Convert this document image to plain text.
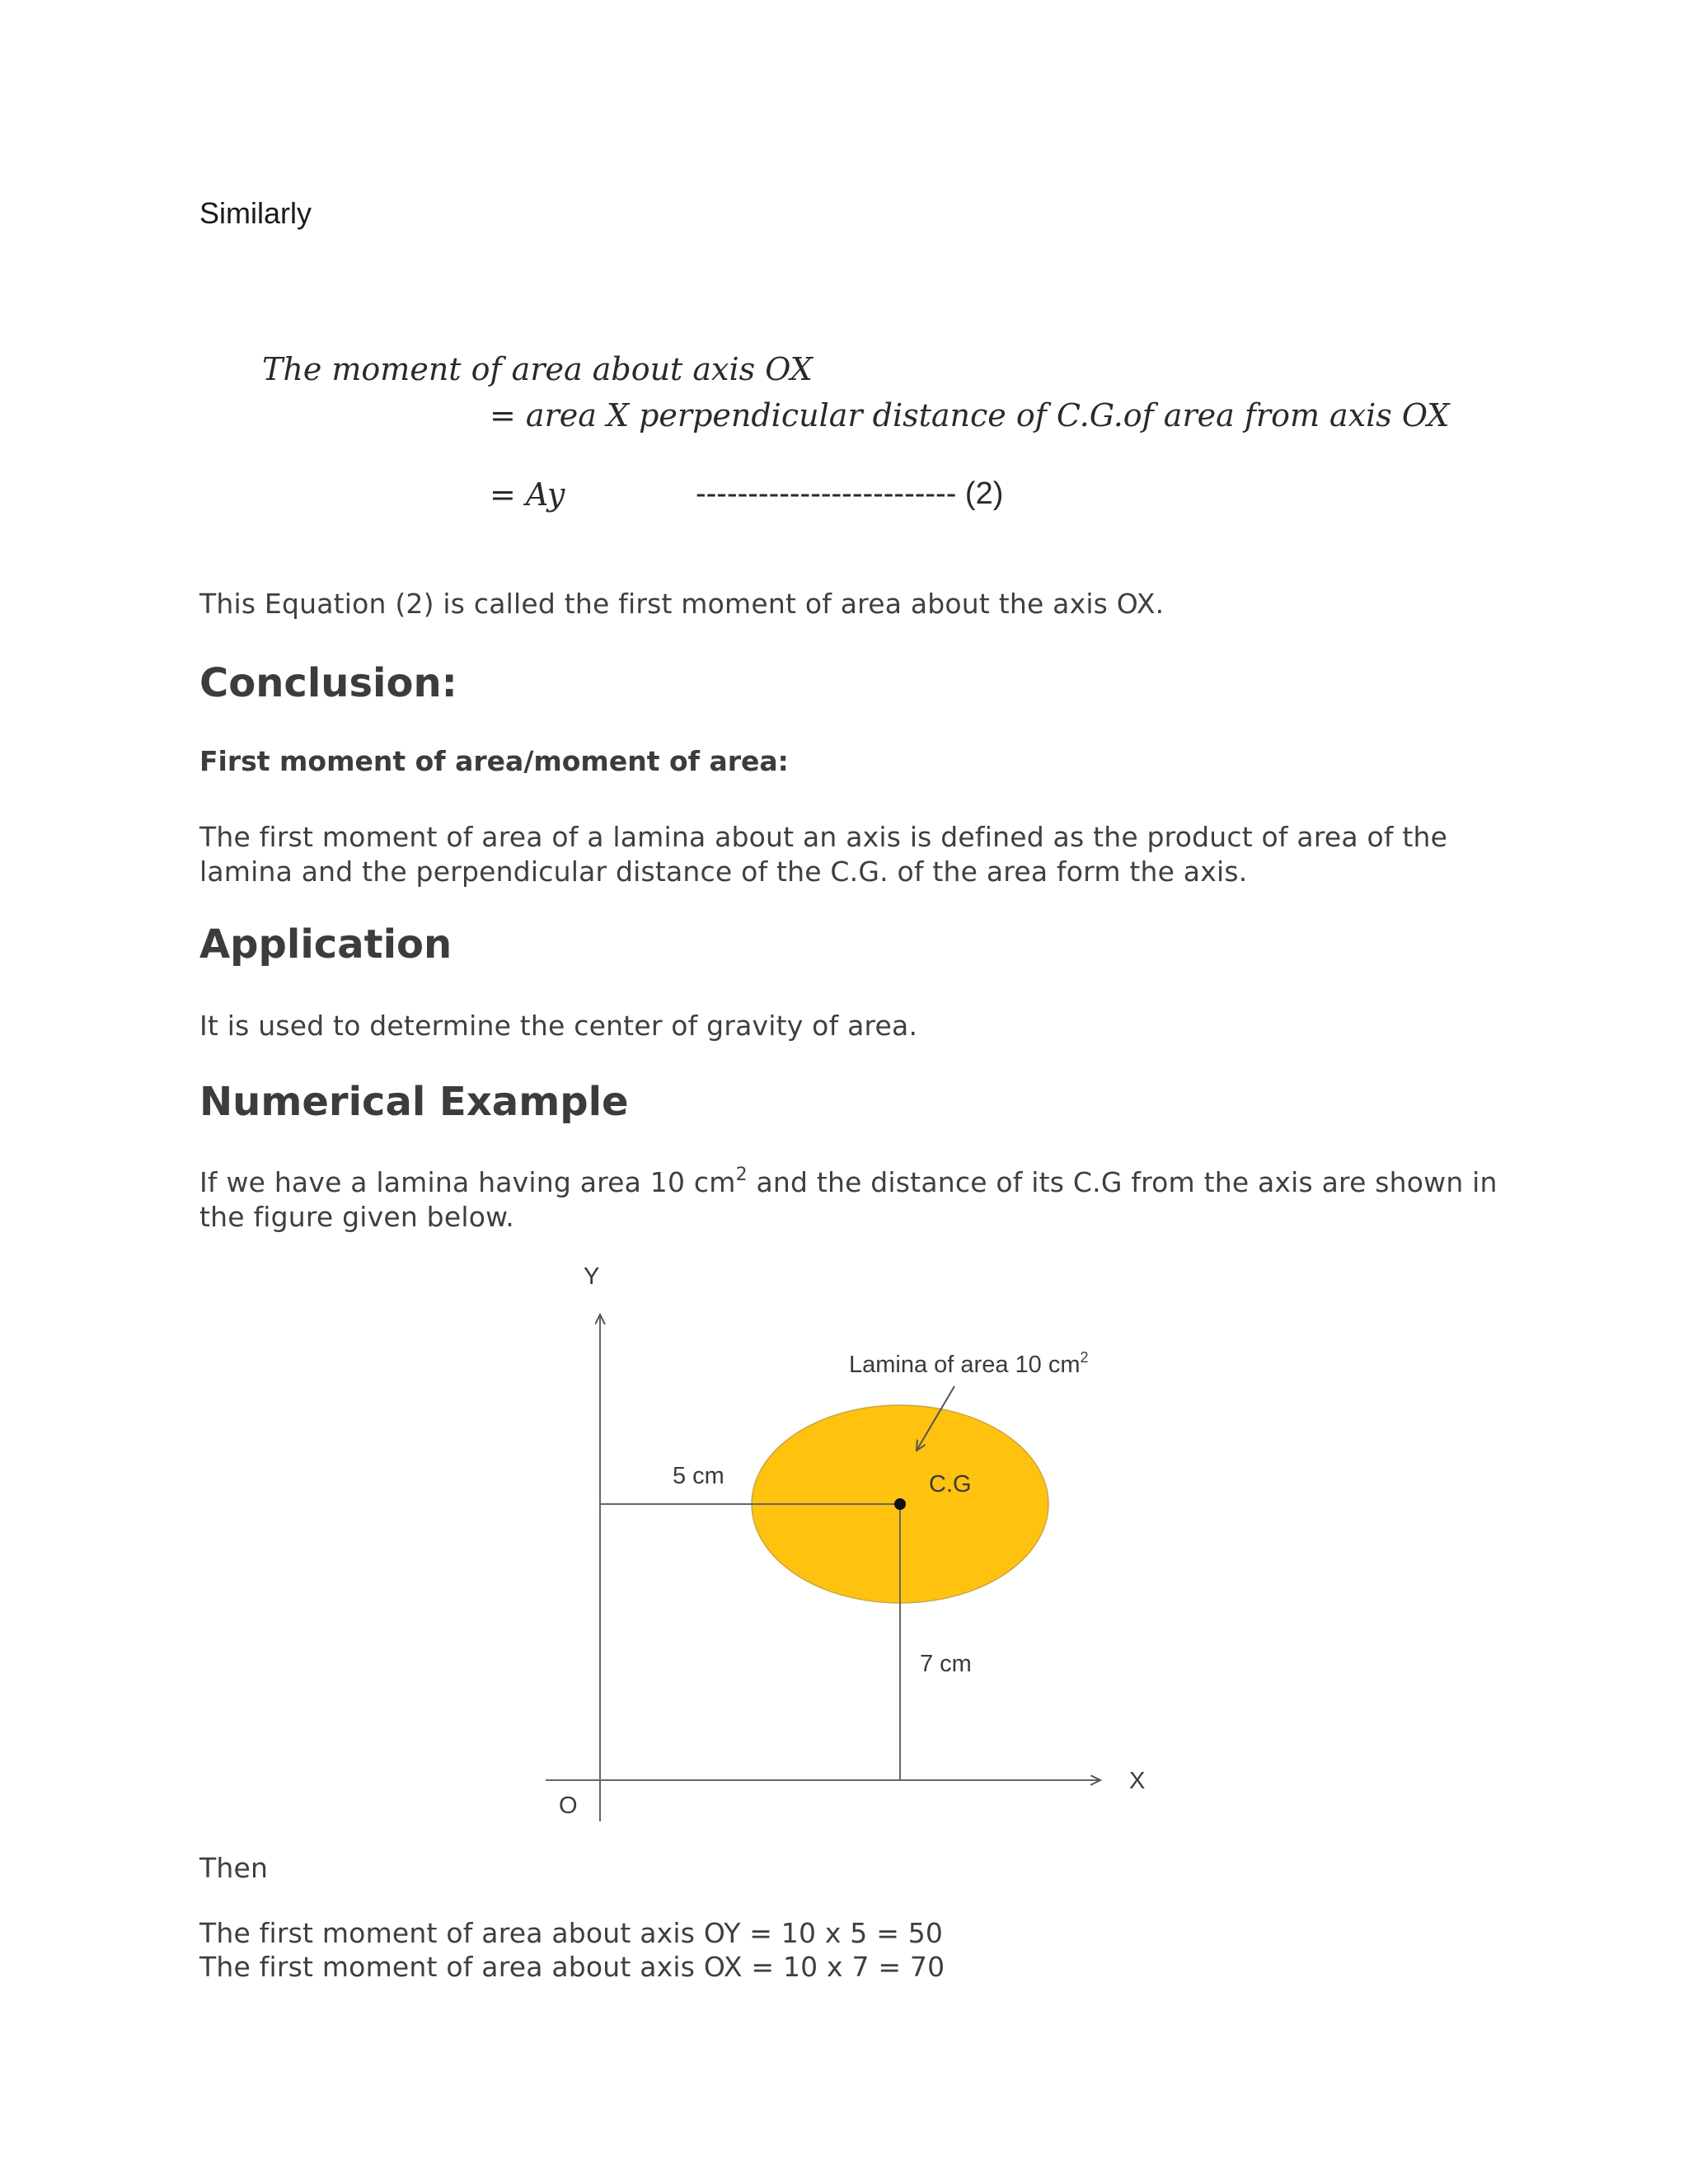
Similarly

The moment of area about axis OX

= area X perpendicular distance of C.G.of area from axis OX

= Ay	------------------------- (2)

This Equation (2) is called the first moment of area about the axis OX.

Conclusion:

First moment of area/moment of area:

The first moment of area of a lamina about an axis is defined as the product of area of the lamina and the perpendicular distance of the C.G. of the area form the axis.

Application

It is used to determine the center of gravity of area.

Numerical Example

If we have a lamina having area 10 $cm^2$ and the distance of its C.G from the axis are shown in the figure given below.

Y
X
O
5 cm	C.G
7 cm
Lamina of area 10 $cm^2$

Then

The first moment of area about axis OY = 10 x 5 = 50

The first moment of area about axis OX = 10 x 7 = 70
